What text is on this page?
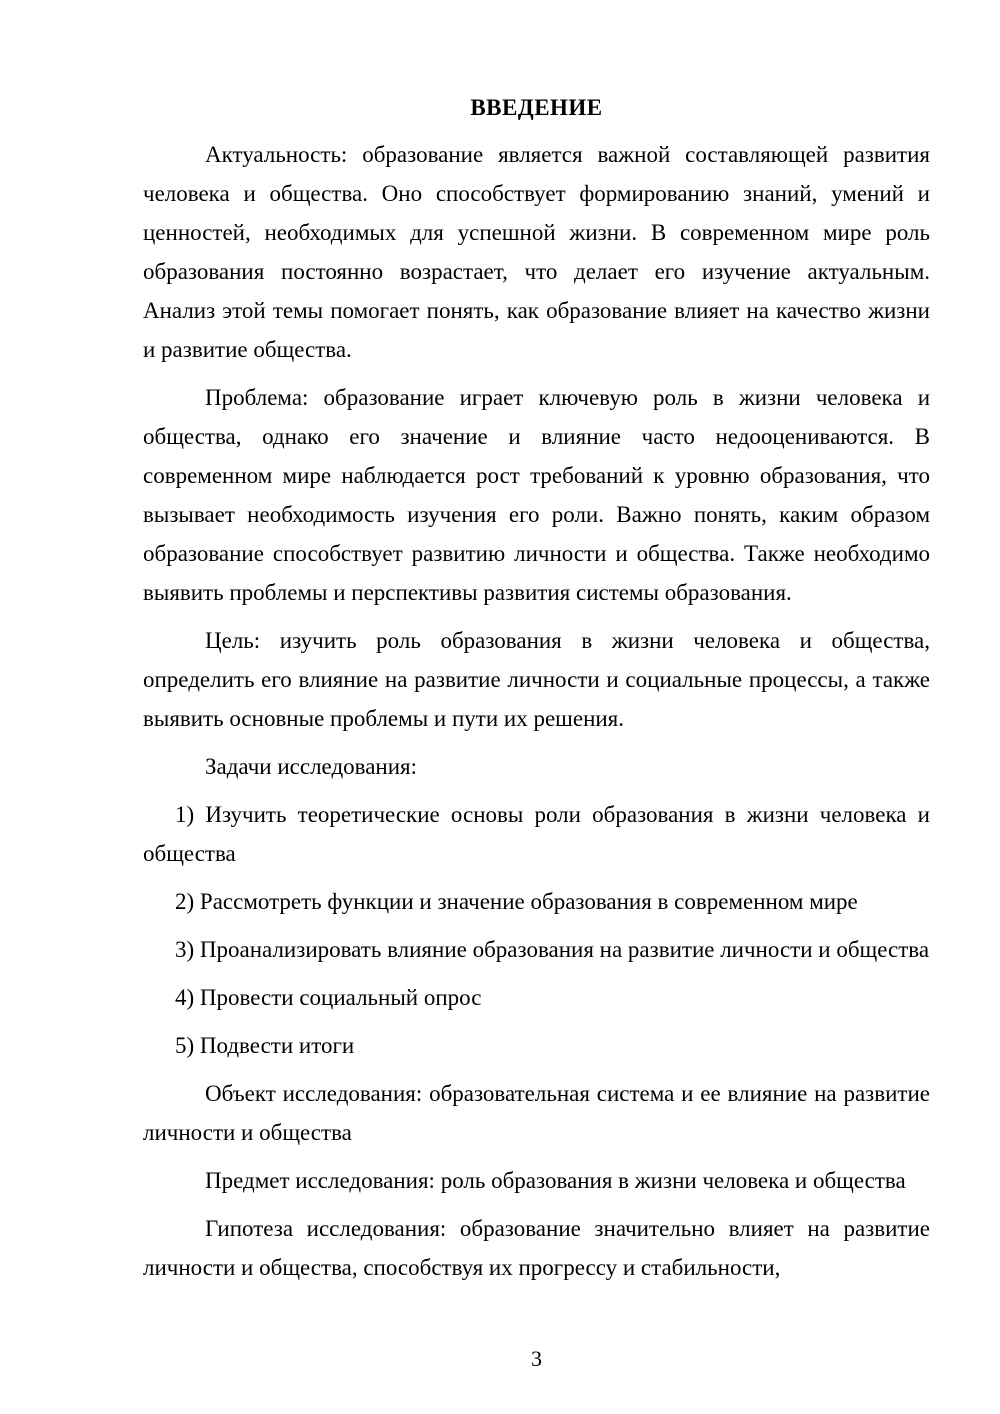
ВВЕДЕНИЕ

Актуальность: образование является важной составляющей развития человека и общества. Оно способствует формированию знаний, умений и ценностей, необходимых для успешной жизни. В современном мире роль образования постоянно возрастает, что делает его изучение актуальным. Анализ этой темы помогает понять, как образование влияет на качество жизни и развитие общества.

Проблема: образование играет ключевую роль в жизни человека и общества, однако его значение и влияние часто недооцениваются. В современном мире наблюдается рост требований к уровню образования, что вызывает необходимость изучения его роли. Важно понять, каким образом образование способствует развитию личности и общества. Также необходимо выявить проблемы и перспективы развития системы образования.

Цель: изучить роль образования в жизни человека и общества, определить его влияние на развитие личности и социальные процессы, а также выявить основные проблемы и пути их решения.

Задачи исследования:

1) Изучить теоретические основы роли образования в жизни человека и общества

2) Рассмотреть функции и значение образования в современном мире

3) Проанализировать влияние образования на развитие личности и общества

4) Провести социальный опрос

5) Подвести итоги

Объект исследования: образовательная система и ее влияние на развитие личности и общества

Предмет исследования: роль образования в жизни человека и общества

Гипотеза исследования: образование значительно влияет на развитие личности и общества, способствуя их прогрессу и стабильности,

3
